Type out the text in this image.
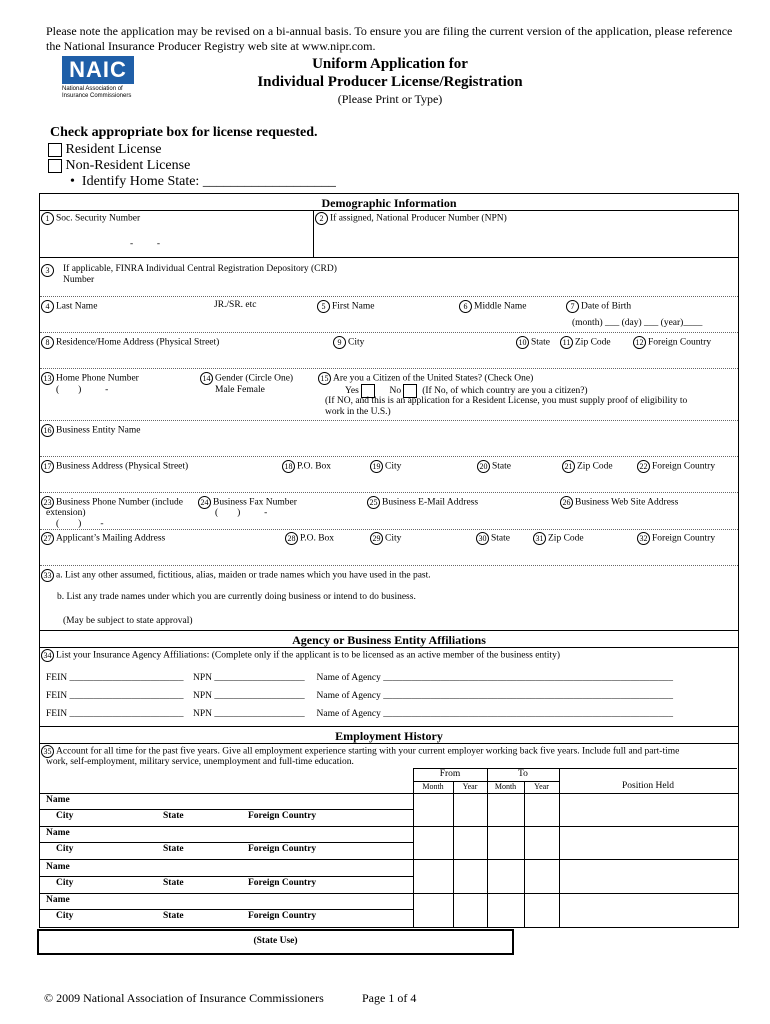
Please note the application may be revised on a bi-annual basis. To ensure you are filing the current version of the application, please reference the National Insurance Producer Registry web site at www.nipr.com.
NAIC
National Association of
Insurance Commissioners
Uniform Application for
Individual Producer License/Registration
(Please Print or Type)
Check appropriate box for license requested.
Resident License
Non-Resident License
•  Identify Home State: ___________________
Demographic Information
1 Soc. Security Number	2 If assigned, National Producer Number (NPN)
-          -
3	If applicable, FINRA Individual Central Registration Depository (CRD)
Number
4 Last Name	JR./SR. etc	5 First Name	6 Middle Name	7 Date of Birth
(month) ___ (day) ___ (year)____
8 Residence/Home Address (Physical Street)	9 City	10 State	11 Zip Code	12 Foreign Country
13 Home Phone Number
(        )          -
14 Gender (Circle One)
Male Female
15 Are you a Citizen of the United States? (Check One)
Yes	No (If No, of which country are you a citizen?)
(If NO, and this is an application for a Resident License, you must supply proof of eligibility to
work in the U.S.)
16 Business Entity Name
17 Business Address (Physical Street)	18 P.O. Box	19 City	20 State	21 Zip Code	22 Foreign Country
23 Business Phone Number (include
extension)
(        )        -
24 Business Fax Number
(        )          -
25 Business E-Mail Address	26 Business Web Site Address
27 Applicant’s Mailing Address	28 P.O. Box	29 City	30 State	31 Zip Code	32 Foreign Country
33 a. List any other assumed, fictitious, alias, maiden or trade names which you have used in the past.
b. List any trade names under which you are currently doing business or intend to do business.
(May be subject to state approval)
Agency or Business Entity Affiliations
34 List your Insurance Agency Affiliations: (Complete only if the applicant is to be licensed as an active member of the business entity)
FEIN ________________________    NPN ___________________     Name of Agency _____________________________________________________________
FEIN ________________________    NPN ___________________     Name of Agency _____________________________________________________________
FEIN ________________________    NPN ___________________     Name of Agency _____________________________________________________________
Employment History
35 Account for all time for the past five years. Give all employment experience starting with your current employer working back five years. Include full and part-time
work, self-employment, military service, unemployment and full-time education.
From	To
Month	Year	Month	Year	Position Held
Name
City	State	Foreign Country
Name
City	State	Foreign Country
Name
City	State	Foreign Country
Name
City	State	Foreign Country
(State Use)
© 2009 National Association of Insurance Commissioners	Page 1 of 4
